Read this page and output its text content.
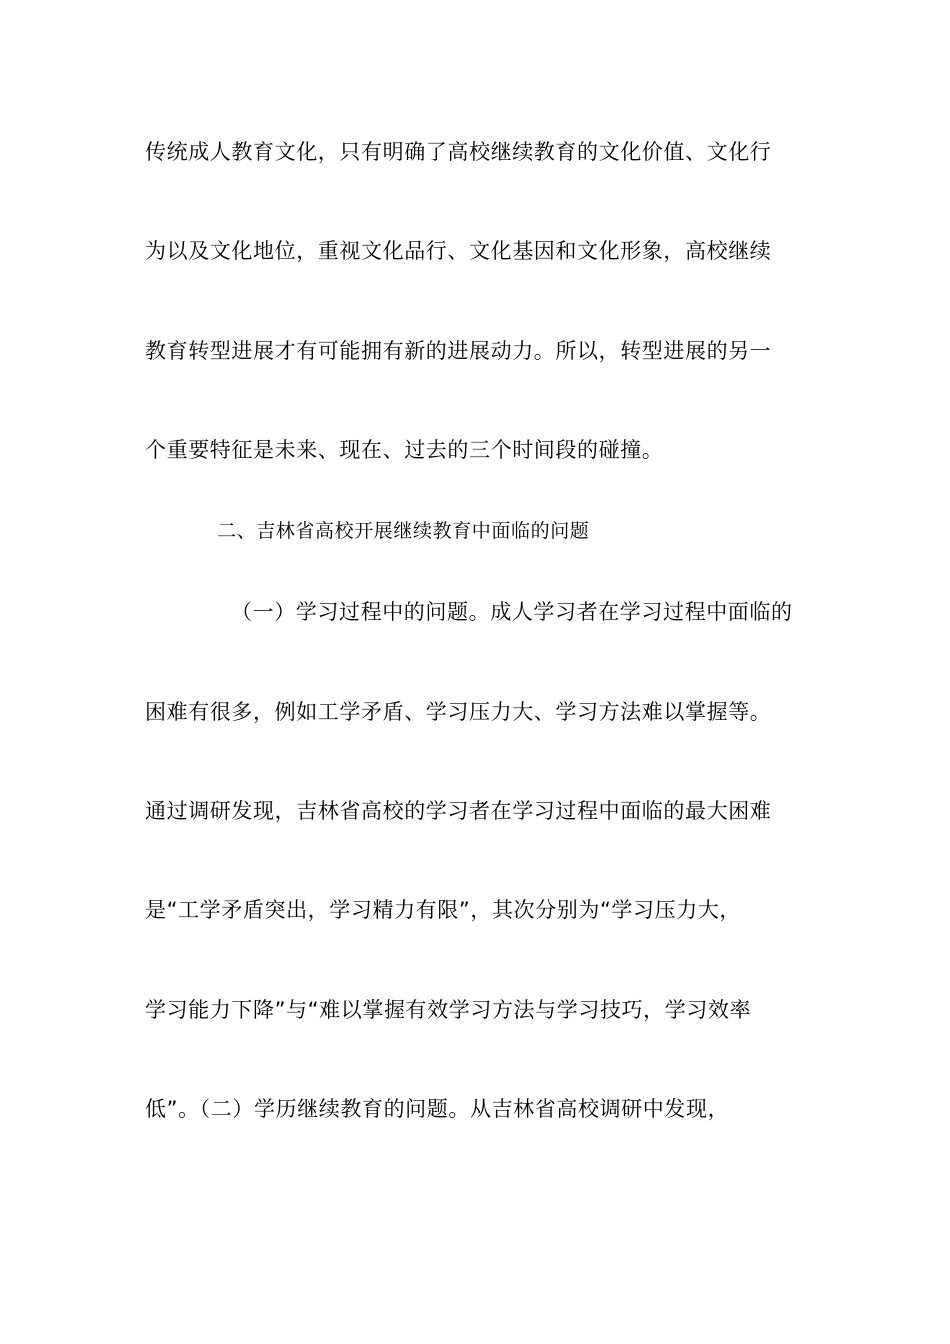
传统成人教育文化，只有明确了高校继续教育的文化价值、文化行
为以及文化地位，重视文化品行、文化基因和文化形象，高校继续
教育转型进展才有可能拥有新的进展动力。所以，转型进展的另一
个重要特征是未来、现在、过去的三个时间段的碰撞。
二、吉林省高校开展继续教育中面临的问题
（一）学习过程中的问题。成人学习者在学习过程中面临的
困难有很多，例如工学矛盾、学习压力大、学习方法难以掌握等。
通过调研发现，吉林省高校的学习者在学习过程中面临的最大困难
是“工学矛盾突出，学习精力有限”，其次分别为“学习压力大，
学习能力下降”与“难以掌握有效学习方法与学习技巧，学习效率
低”。（二）学历继续教育的问题。从吉林省高校调研中发现，
